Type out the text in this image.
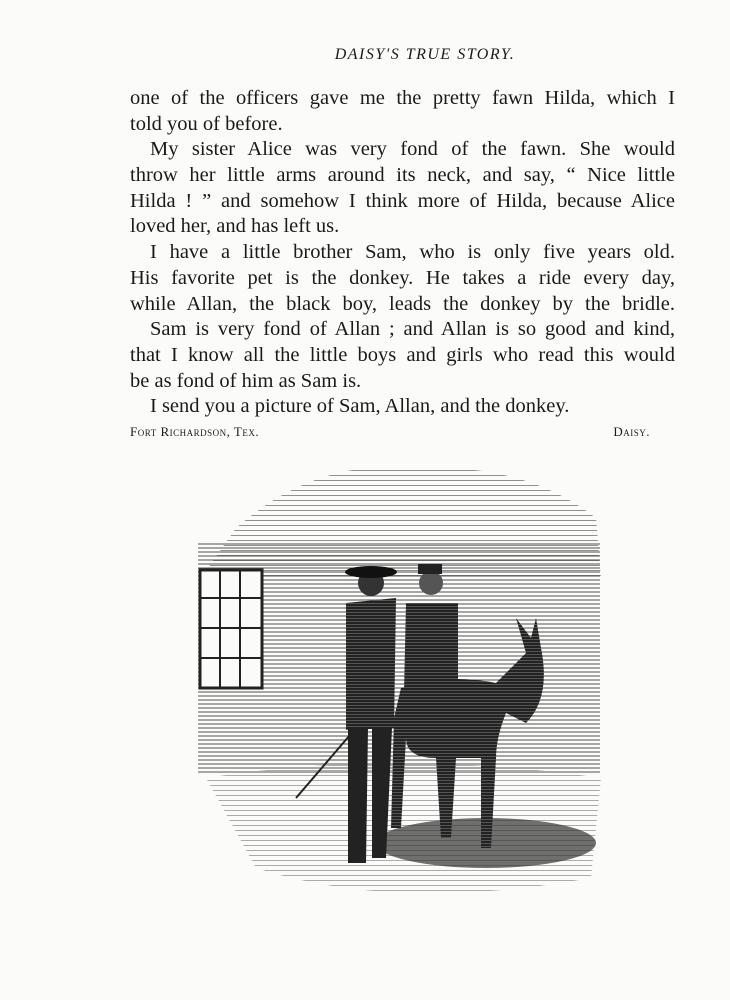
DAISY'S TRUE STORY.
one of the officers gave me the pretty fawn Hilda, which I
told you of before.
My sister Alice was very fond of the fawn. She would
throw her little arms around its neck, and say, “ Nice little
Hilda ! ” and somehow I think more of Hilda, because Alice
loved her, and has left us.
I have a little brother Sam, who is only five years old.
His favorite pet is the donkey. He takes a ride every day,
while Allan, the black boy, leads the donkey by the bridle.
Sam is very fond of Allan ; and Allan is so good and kind,
that I know all the little boys and girls who read this would
be as fond of him as Sam is.
I send you a picture of Sam, Allan, and the donkey.
Fort Richardson, Tex.	Daisy.
